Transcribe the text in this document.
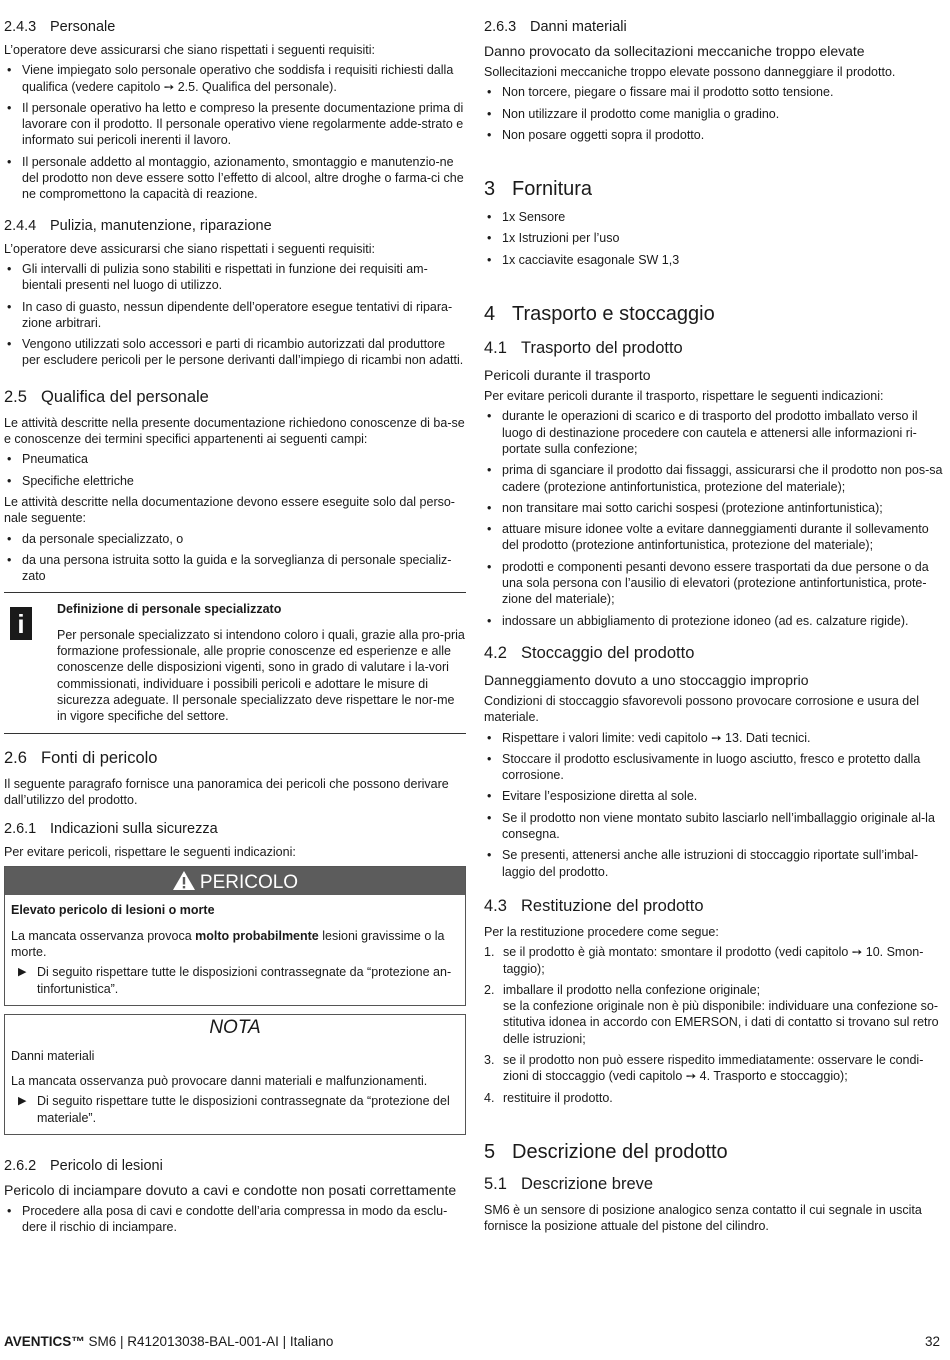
2.4.3 Personale

L’operatore deve assicurarsi che siano rispettati i seguenti requisiti:

• Viene impiegato solo personale operativo che soddisfa i requisiti richiesti dalla qualifica (vedere capitolo ➙ 2.5. Qualifica del personale).
• Il personale operativo ha letto e compreso la presente documentazione prima di lavorare con il prodotto. Il personale operativo viene regolarmente adde-strato e informato sui pericoli inerenti il lavoro.
• Il personale addetto al montaggio, azionamento, smontaggio e manutenzio-ne del prodotto non deve essere sotto l’effetto di alcool, altre droghe o farma-ci che ne compromettono la capacità di reazione.
2.4.4 Pulizia, manutenzione, riparazione

L’operatore deve assicurarsi che siano rispettati i seguenti requisiti:

• Gli intervalli di pulizia sono stabiliti e rispettati in funzione dei requisiti am-bientali presenti nel luogo di utilizzo.
• In caso di guasto, nessun dipendente dell’operatore esegue tentativi di ripara-zione arbitrari.
• Vengono utilizzati solo accessori e parti di ricambio autorizzati dal produttore per escludere pericoli per le persone derivanti dall’impiego di ricambi non adatti.
2.5 Qualifica del personale

Le attività descritte nella presente documentazione richiedono conoscenze di ba-se e conoscenze dei termini specifici appartenenti ai seguenti campi:

• Pneumatica
• Specifiche elettriche

Le attività descritte nella documentazione devono essere eseguite solo dal perso-nale seguente:

• da personale specializzato, o
• da una persona istruita sotto la guida e la sorveglianza di personale specializ-zato
i	Definizione di personale specializzato
Per personale specializzato si intendono coloro i quali, grazie alla pro-pria formazione professionale, alle proprie conoscenze ed esperienze e alle conoscenze delle disposizioni vigenti, sono in grado di valutare i la-vori commissionati, individuare i possibili pericoli e adottare le misure di sicurezza adeguate. Il personale specializzato deve rispettare le nor-me in vigore specifiche del settore.
2.6 Fonti di pericolo

Il seguente paragrafo fornisce una panoramica dei pericoli che possono derivare dall’utilizzo del prodotto.

2.6.1 Indicazioni sulla sicurezza

Per evitare pericoli, rispettare le seguenti indicazioni:

PERICOLO
Elevato pericolo di lesioni o morte

La mancata osservanza provoca molto probabilmente lesioni gravissime o la morte.

▶ Di seguito rispettare tutte le disposizioni contrassegnate da “protezione an-tinfortunistica”.
NOTA
Danni materiali

La mancata osservanza può provocare danni materiali e malfunzionamenti.

▶ Di seguito rispettare tutte le disposizioni contrassegnate da “protezione del materiale”.
2.6.2 Pericolo di lesioni
Pericolo di inciampare dovuto a cavi e condotte non posati correttamente
• Procedere alla posa di cavi e condotte dell’aria compressa in modo da esclu-dere il rischio di inciampare.
2.6.3 Danni materiali
Danno provocato da sollecitazioni meccaniche troppo elevate

Sollecitazioni meccaniche troppo elevate possono danneggiare il prodotto.

• Non torcere, piegare o fissare mai il prodotto sotto tensione.
• Non utilizzare il prodotto come maniglia o gradino.
• Non posare oggetti sopra il prodotto.
3 Fornitura
• 1x Sensore
• 1x Istruzioni per l’uso
• 1x cacciavite esagonale SW 1,3
4 Trasporto e stoccaggio
4.1 Trasporto del prodotto
Pericoli durante il trasporto

Per evitare pericoli durante il trasporto, rispettare le seguenti indicazioni:

• durante le operazioni di scarico e di trasporto del prodotto imballato verso il luogo di destinazione procedere con cautela e attenersi alle informazioni ri-portate sulla confezione;
• prima di sganciare il prodotto dai fissaggi, assicurarsi che il prodotto non pos-sa cadere (protezione antinfortunistica, protezione del materiale);
• non transitare mai sotto carichi sospesi (protezione antinfortunistica);
• attuare misure idonee volte a evitare danneggiamenti durante il sollevamento del prodotto (protezione antinfortunistica, protezione del materiale);
• prodotti e componenti pesanti devono essere trasportati da due persone o da una sola persona con l’ausilio di elevatori (protezione antinfortunistica, prote-zione del materiale);
• indossare un abbigliamento di protezione idoneo (ad es. calzature rigide).
4.2 Stoccaggio del prodotto
Danneggiamento dovuto a uno stoccaggio improprio

Condizioni di stoccaggio sfavorevoli possono provocare corrosione e usura del materiale.

• Rispettare i valori limite: vedi capitolo ➙ 13. Dati tecnici.
• Stoccare il prodotto esclusivamente in luogo asciutto, fresco e protetto dalla corrosione.
• Evitare l’esposizione diretta al sole.
• Se il prodotto non viene montato subito lasciarlo nell’imballaggio originale al-la consegna.
• Se presenti, attenersi anche alle istruzioni di stoccaggio riportate sull’imbal-laggio del prodotto.
4.3 Restituzione del prodotto

Per la restituzione procedere come segue:

1. se il prodotto è già montato: smontare il prodotto (vedi capitolo ➙ 10. Smon-taggio);
2. imballare il prodotto nella confezione originale;
se la confezione originale non è più disponibile: individuare una confezione so-stitutiva idonea in accordo con EMERSON, i dati di contatto si trovano sul retro delle istruzioni;
3. se il prodotto non può essere rispedito immediatamente: osservare le condi-zioni di stoccaggio (vedi capitolo ➙ 4. Trasporto e stoccaggio);
4. restituire il prodotto.
5 Descrizione del prodotto
5.1 Descrizione breve

SM6 è un sensore di posizione analogico senza contatto il cui segnale in uscita fornisce la posizione attuale del pistone del cilindro.

AVENTICS™ SM6 | R412013038-BAL-001-AI | Italiano	32
